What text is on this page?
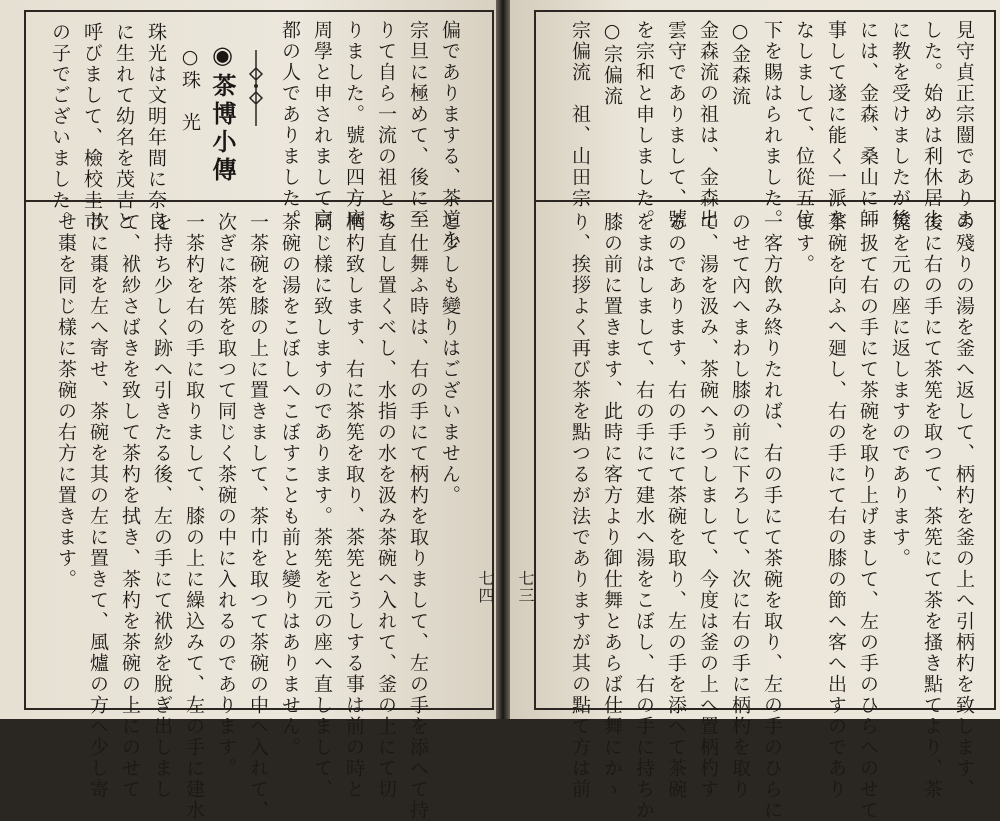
◉茶博小傳
○珠　光
七四
偏でありまする、茶道を
宗旦に極めて、後に至
りて自ら一流の祖とな
りました。號を四方庵
周學と申されまして京
都の人でありました。
珠光は文明年間に奈良
に生れて幼名を茂吉と
呼びまして、檢校圭市
の子でございました。
と少しも變りはございません。
一仕舞ふ時は、右の手にて柄杓を取りまして、左の手を添へて持
ち直し置くべし、水指の水を汲み茶碗へ入れて、釜の上にて切
柄杓致します、右に茶筅を取り、茶筅とうしする事は前の時と
同じ樣に致しますのであります。茶筅を元の座へ直しまして、
茶碗の湯をこぼしへこぼすことも前と變りはありません。
一茶碗を膝の上に置きまして、茶巾を取つて茶碗の中へ入れて、
次ぎに茶筅を取つて同じく茶碗の中に入れるのであります。
一茶杓を右の手に取りまして、膝の上に繰込みて、左の手に建水
を持ち少しく跡へ引きたる後、左の手にて袱紗を脫ぎ出しまし
て、袱紗さばきを致して茶杓を拭き、茶杓を茶碗の上にのせて
次に棗を左へ寄せ、茶碗を其の左に置きて、風爐の方へ少し寄
せ棗を同じ樣に茶碗の右方に置きます。	七三
見守貞正宗闓でありま
した。始めは利休居士
に教を受けましたが後
には、金森、桑山に師
事して遂に能く一派を
なしまして、位從五位
下を賜はられました。
○金森流
金森流の祖は、金森出
雲守でありまして、號
を宗和と申しました。
○宗偏流
宗偏流　祖、山田宗
の殘りの湯を釜へ返して、柄杓を釜の上へ引柄杓を致します、
後に右の手にて茶筅を取つて、茶筅にて茶を搔き點てより、茶
筅を元の座に返しますのであります。
一扱て右の手にて茶碗を取り上げまして、左の手のひらへのせて
茶碗を向ふへ廻し、右の手にて右の膝の節へ客へ出すのであり
ます。
一客方飲み終りたれば、右の手にて茶碗を取り、左の手のひらに
のせて內へまわし膝の前に下ろして、次に右の手に柄杓を取り
て、湯を汲み、茶碗へうつしまして、今度は釜の上へ置柄杓す
るのであります、右の手にて茶碗を取り、左の手を添へて茶碗
をまはしまして、右の手にて建水へ湯をこぼし、右の手に持ちか
膝の前に置きます、此時に客方より御仕舞とあらば仕舞にかゝ
り、挨拶よく再び茶を點つるが法でありますが其の點て方は前
